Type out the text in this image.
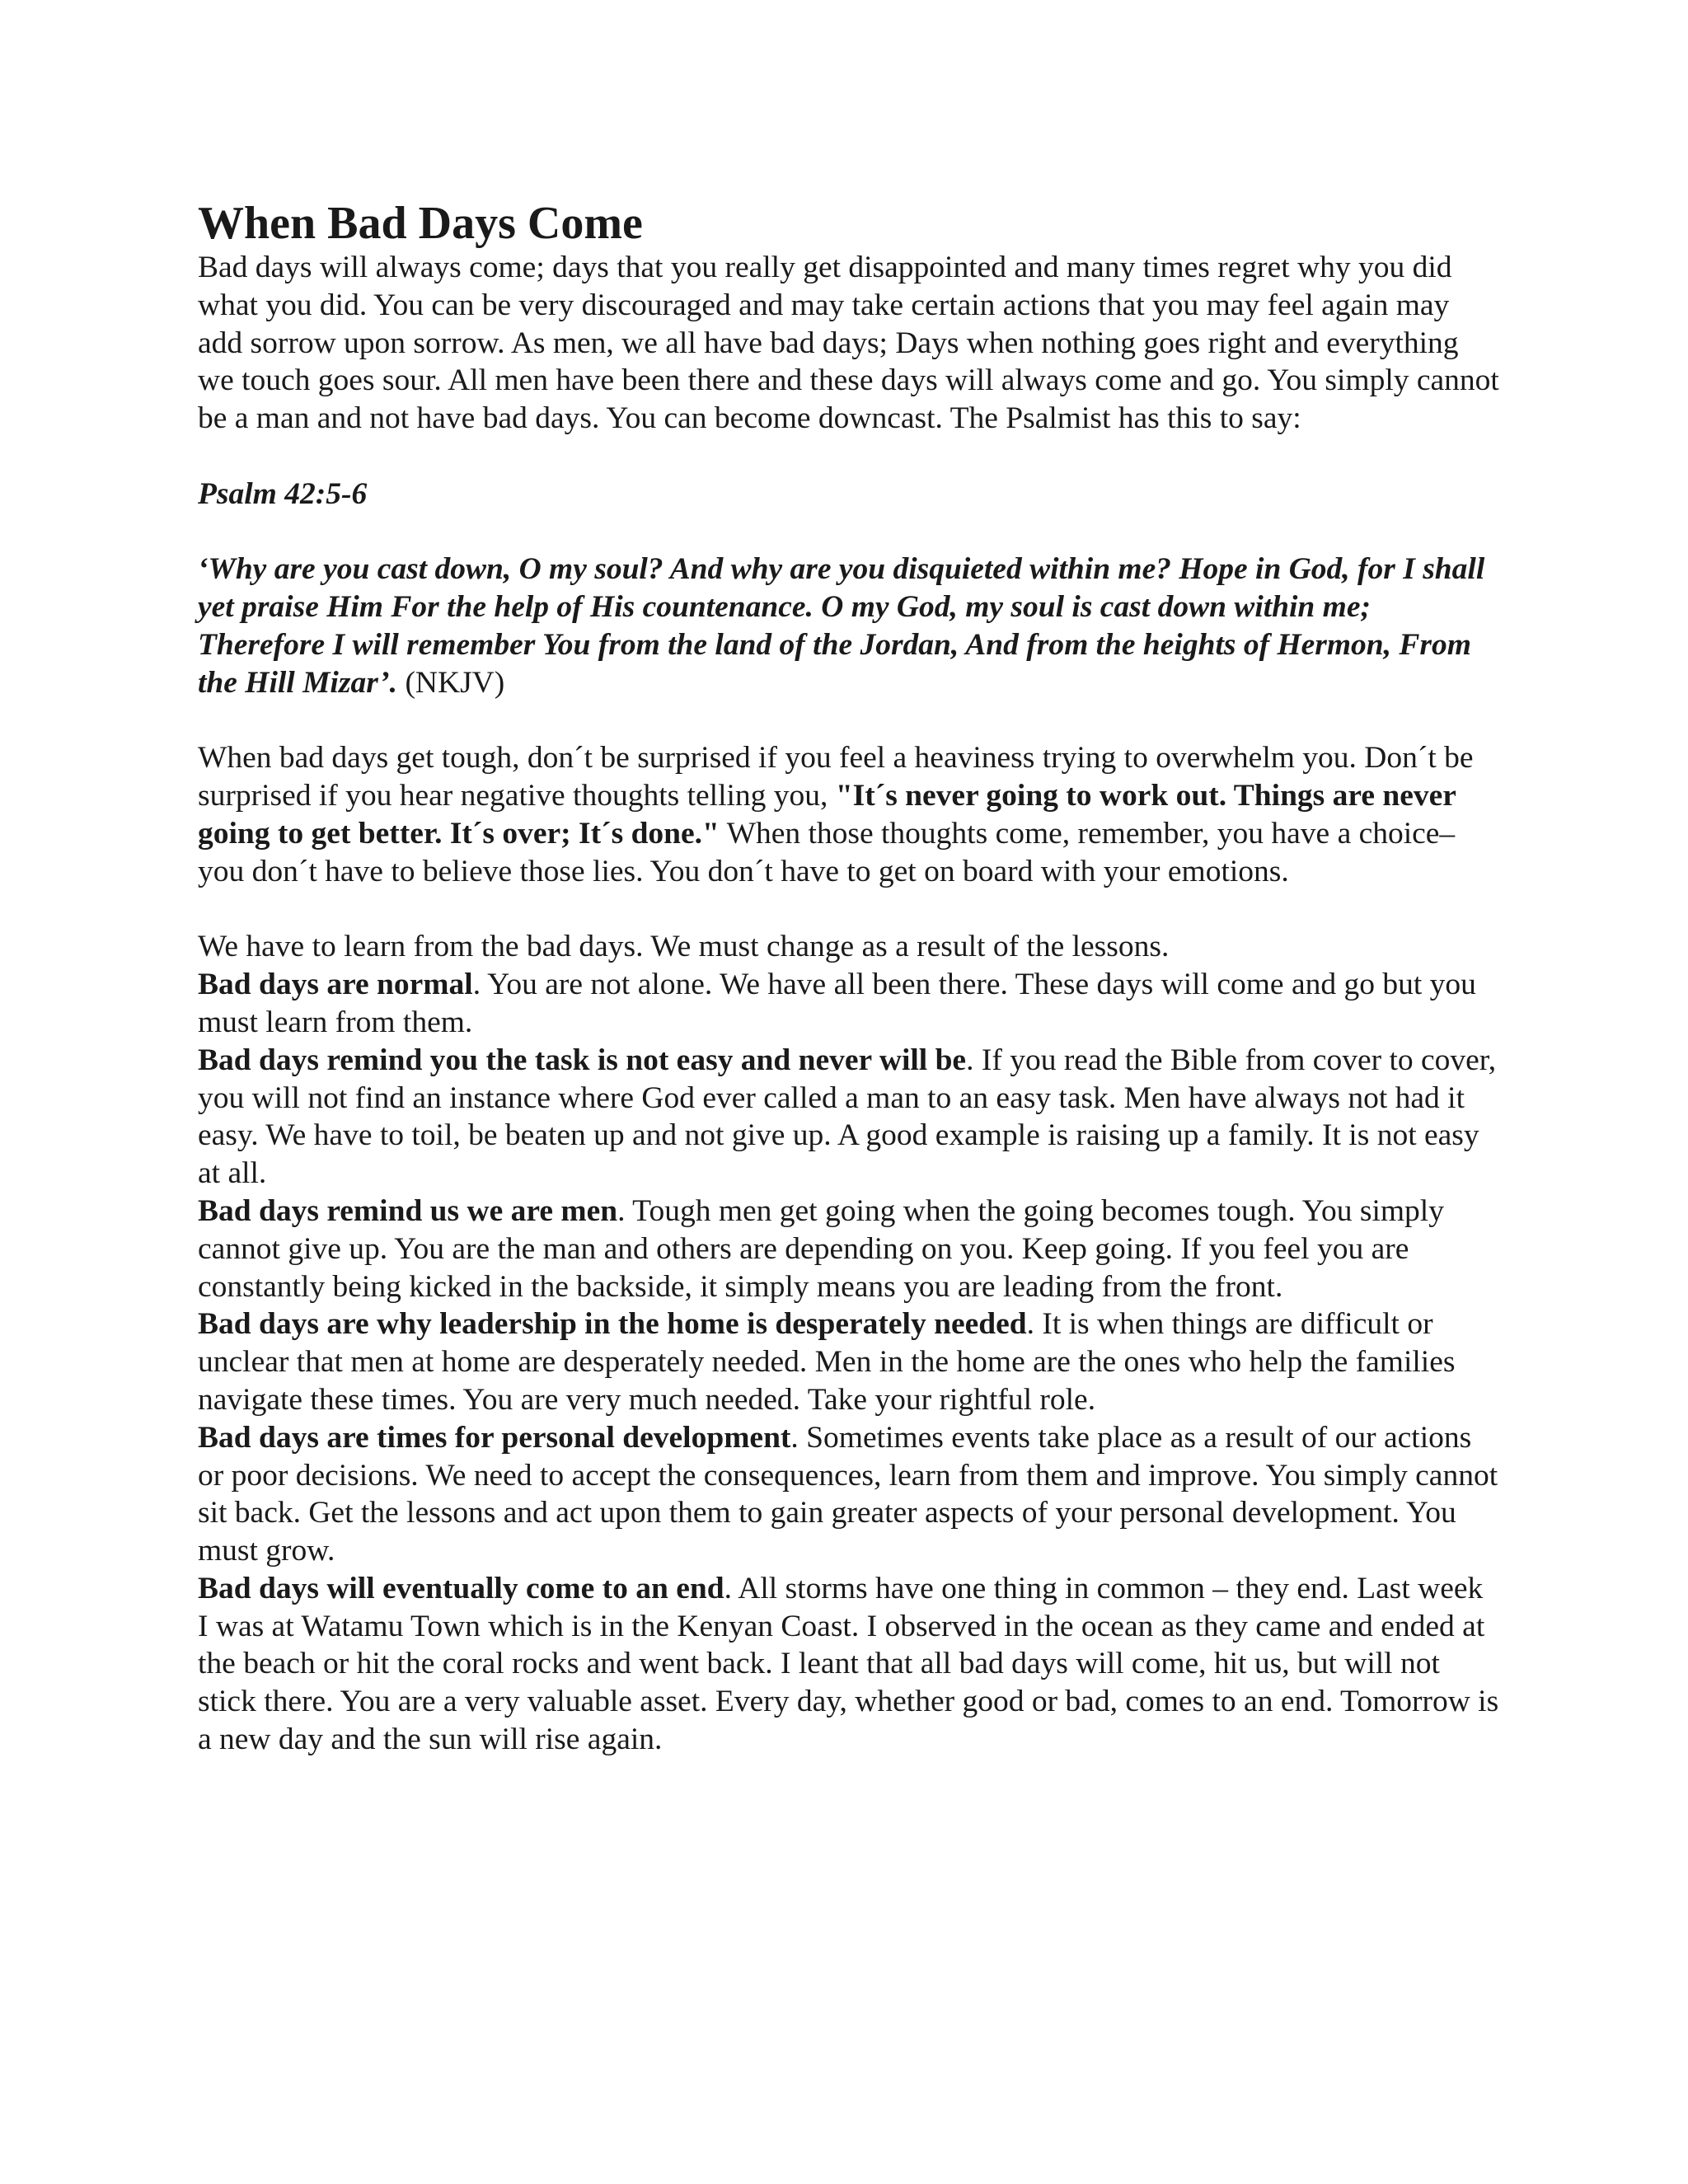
When Bad Days Come

Bad days will always come; days that you really get disappointed and many times regret why you did what you did. You can be very discouraged and may take certain actions that you may feel again may add sorrow upon sorrow. As men, we all have bad days; Days when nothing goes right and everything we touch goes sour. All men have been there and these days will always come and go. You simply cannot be a man and not have bad days. You can become downcast. The Psalmist has this to say:

Psalm 42:5-6

‘Why are you cast down, O my soul? And why are you disquieted within me? Hope in God, for I shall yet praise Him For the help of His countenance. O my God, my soul is cast down within me; Therefore I will remember You from the land of the Jordan, And from the heights of Hermon, From the Hill Mizar’. (NKJV)

When bad days get tough, don´t be surprised if you feel a heaviness trying to overwhelm you. Don´t be surprised if you hear negative thoughts telling you, "It´s never going to work out. Things are never going to get better. It´s over; It´s done." When those thoughts come, remember, you have a choice–you don´t have to believe those lies. You don´t have to get on board with your emotions.

We have to learn from the bad days. We must change as a result of the lessons.

Bad days are normal. You are not alone. We have all been there. These days will come and go but you must learn from them.

Bad days remind you the task is not easy and never will be. If you read the Bible from cover to cover, you will not find an instance where God ever called a man to an easy task. Men have always not had it easy. We have to toil, be beaten up and not give up. A good example is raising up a family. It is not easy at all.

Bad days remind us we are men. Tough men get going when the going becomes tough. You simply cannot give up. You are the man and others are depending on you. Keep going. If you feel you are constantly being kicked in the backside, it simply means you are leading from the front.

Bad days are why leadership in the home is desperately needed. It is when things are difficult or unclear that men at home are desperately needed. Men in the home are the ones who help the families navigate these times. You are very much needed. Take your rightful role.

Bad days are times for personal development. Sometimes events take place as a result of our actions or poor decisions. We need to accept the consequences, learn from them and improve. You simply cannot sit back. Get the lessons and act upon them to gain greater aspects of your personal development. You must grow.

Bad days will eventually come to an end. All storms have one thing in common – they end. Last week I was at Watamu Town which is in the Kenyan Coast. I observed in the ocean as they came and ended at the beach or hit the coral rocks and went back. I leant that all bad days will come, hit us, but will not stick there. You are a very valuable asset. Every day, whether good or bad, comes to an end. Tomorrow is a new day and the sun will rise again.
